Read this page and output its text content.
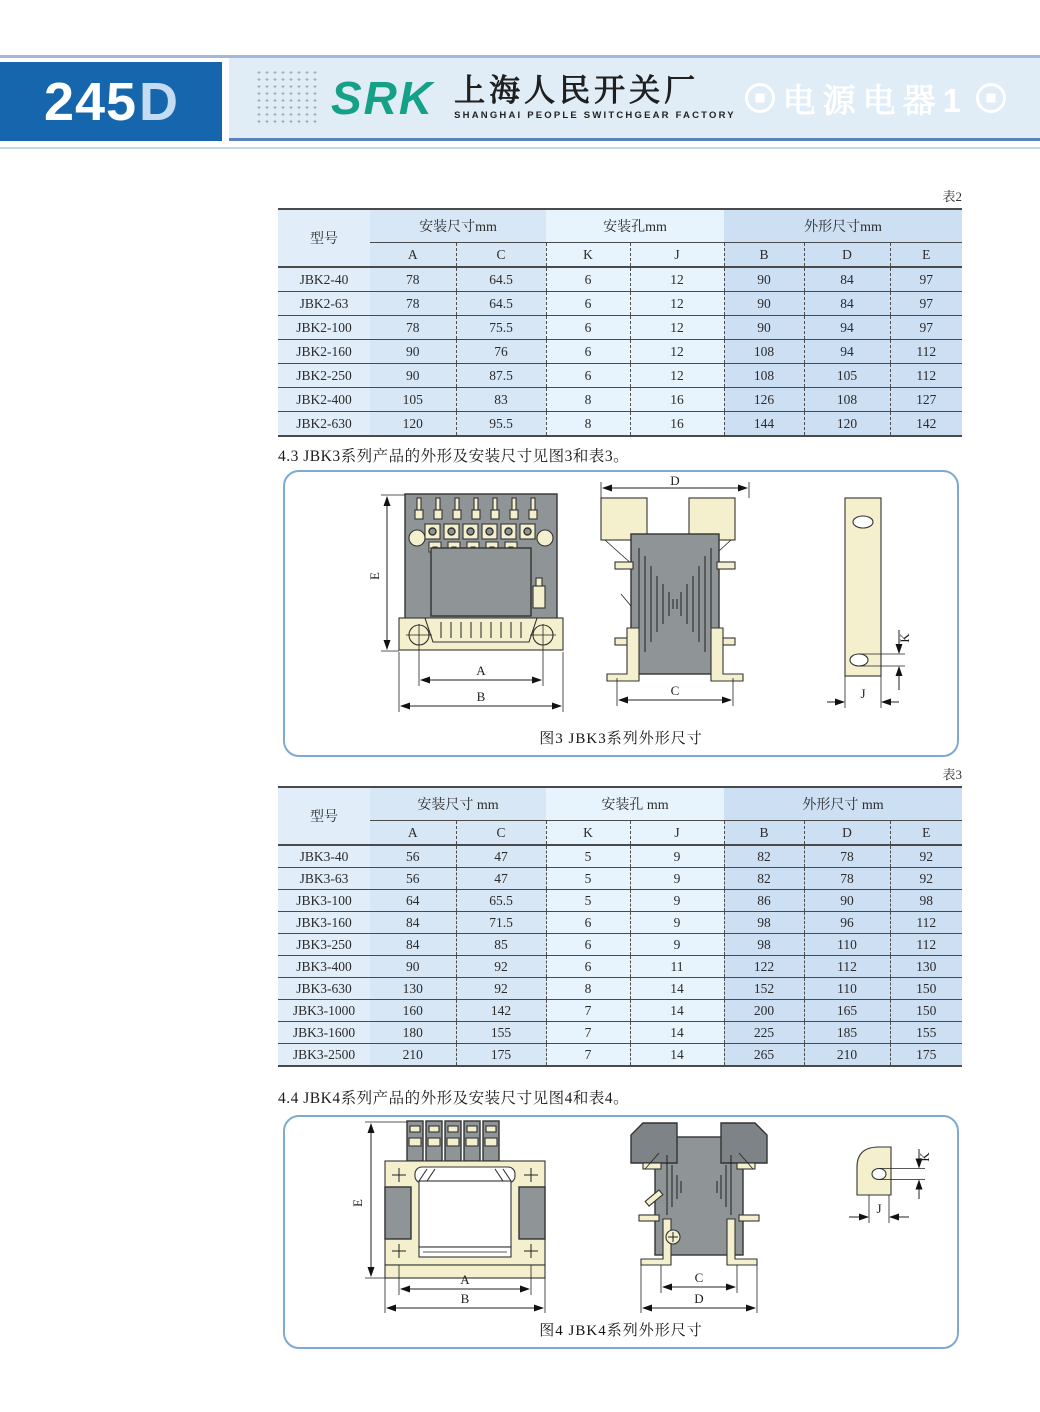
245 D	SRK 上海人民开关厂
SHANGHAI PEOPLE SWITCHGEAR FACTORY 电源电器1
表2
型号	安装尺寸mm		安装孔mm		外形尺寸mm		
	A	C	K	J	B	D	E
JBK2-40	78	64.5	6	12	90	84	97
JBK2-63	78	64.5	6	12	90	84	97
JBK2-100	78	75.5	6	12	90	94	97
JBK2-160	90	76	6	12	108	94	112
JBK2-250	90	87.5	6	12	108	105	112
JBK2-400	105	83	8	16	126	108	127
JBK2-630	120	95.5	8	16	144	120	142
4.3 JBK3系列产品的外形及安装尺寸见图3和表3。
E
A
B
D
C
K
J
图3 JBK3系列外形尺寸
表3
型号	安装尺寸 mm		安装孔 mm		外形尺寸 mm		
	A	C	K	J	B	D	E
JBK3-40	56	47	5	9	82	78	92
JBK3-63	56	47	5	9	82	78	92
JBK3-100	64	65.5	5	9	86	90	98
JBK3-160	84	71.5	6	9	98	96	112
JBK3-250	84	85	6	9	98	110	112
JBK3-400	90	92	6	11	122	112	130
JBK3-630	130	92	8	14	152	110	150
JBK3-1000	160	142	7	14	200	165	150
JBK3-1600	180	155	7	14	225	185	155
JBK3-2500	210	175	7	14	265	210	175
4.4 JBK4系列产品的外形及安装尺寸见图4和表4。
E
A
B
C
D
K
J
图4 JBK4系列外形尺寸
